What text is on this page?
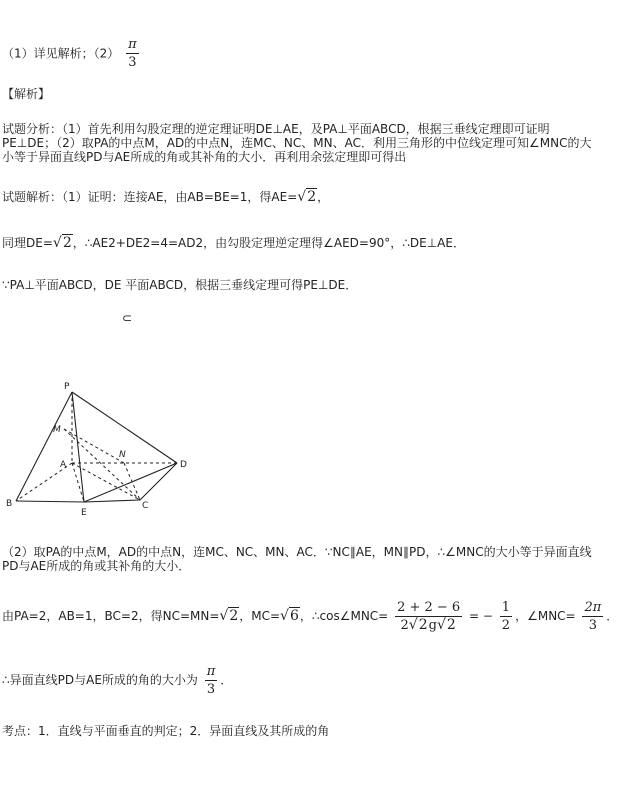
（1）详见解析；$(2) \frac{\pi}{3}$
【解析】
试题分析：（1）首先利用勾股定理的逆定理证明DE⊥AE，及PA⊥平面ABCD，根据三垂线定理即可证明
PE⊥DE；（2）取PA的中点M，AD的中点N，连MC、NC、MN、AC．利用三角形的中位线定理可知∠MNC的大
小等于异面直线PD与AE所成的角或其补角的大小．再利用余弦定理即可得出
试题解析：（1）证明：连接AE，由AB=BE=1，得AE=√2，
同理DE=√2，∴AE2+DE2=4=AD2，由勾股定理逆定理得∠AED=90°，∴DE⊥AE．
∵PA⊥平面ABCD，DE 平面ABCD，根据三垂线定理可得PE⊥DE．
⊂
P
M
A
N
D
B
E
C
（2）取PA的中点M，AD的中点N，连MC、NC、MN、AC．∵NC∥AE，MN∥PD，∴∠MNC的大小等于异面直线
PD与AE所成的角或其补角的大小．
由PA=2，AB=1，BC=2，得NC=MN=√2，MC=√6，∴cos∠MNC= $\frac{2 + 2 - 6}{2√2g√2}$ = − $\frac{1}{2}$ ，∠MNC= $\frac{2\pi}{3}$ ．
∴异面直线PD与AE所成的角的大小为 $\frac{\pi}{3}$ ．
考点：1．直线与平面垂直的判定；2．异面直线及其所成的角
